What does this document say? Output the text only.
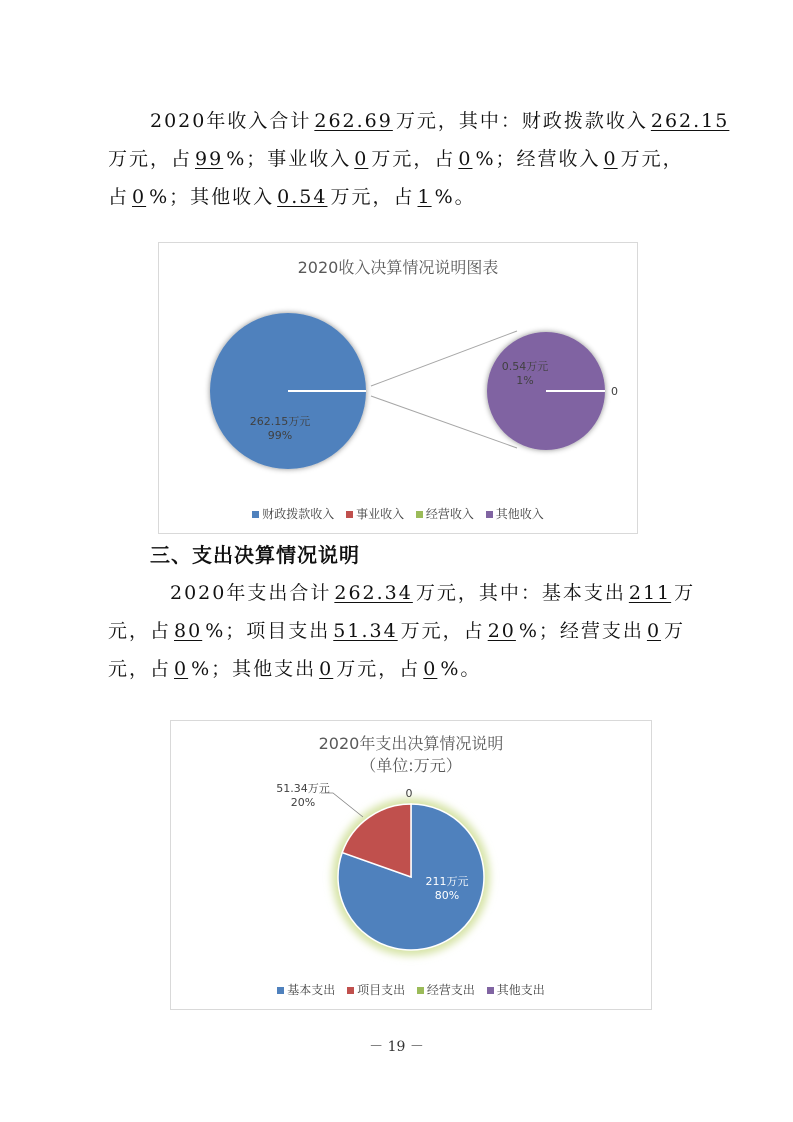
2020年收入合计 262.69 万元，其中：财政拨款收入 262.15
万元，占 99 %；事业收入 0 万元，占 0 %；经营收入 0 万元，
占 0 %；其他收入 0.54 万元，占 1 %。
2020收入决算情况说明图表
262.15万元
99%
0.54万元
1%
0
财政拨款收入 事业收入 经营收入 其他收入
三、支出决算情况说明
2020年支出合计 262.34 万元，其中：基本支出 211 万
元，占 80 %；项目支出 51.34 万元，占 20 %；经营支出 0 万
元，占 0 %；其他支出 0 万元，占 0 %。
2020年支出决算情况说明
（单位:万元）
211万元
80%
51.34万元
20%
0
基本支出 项目支出 经营支出 其他支出
－ 19 －
